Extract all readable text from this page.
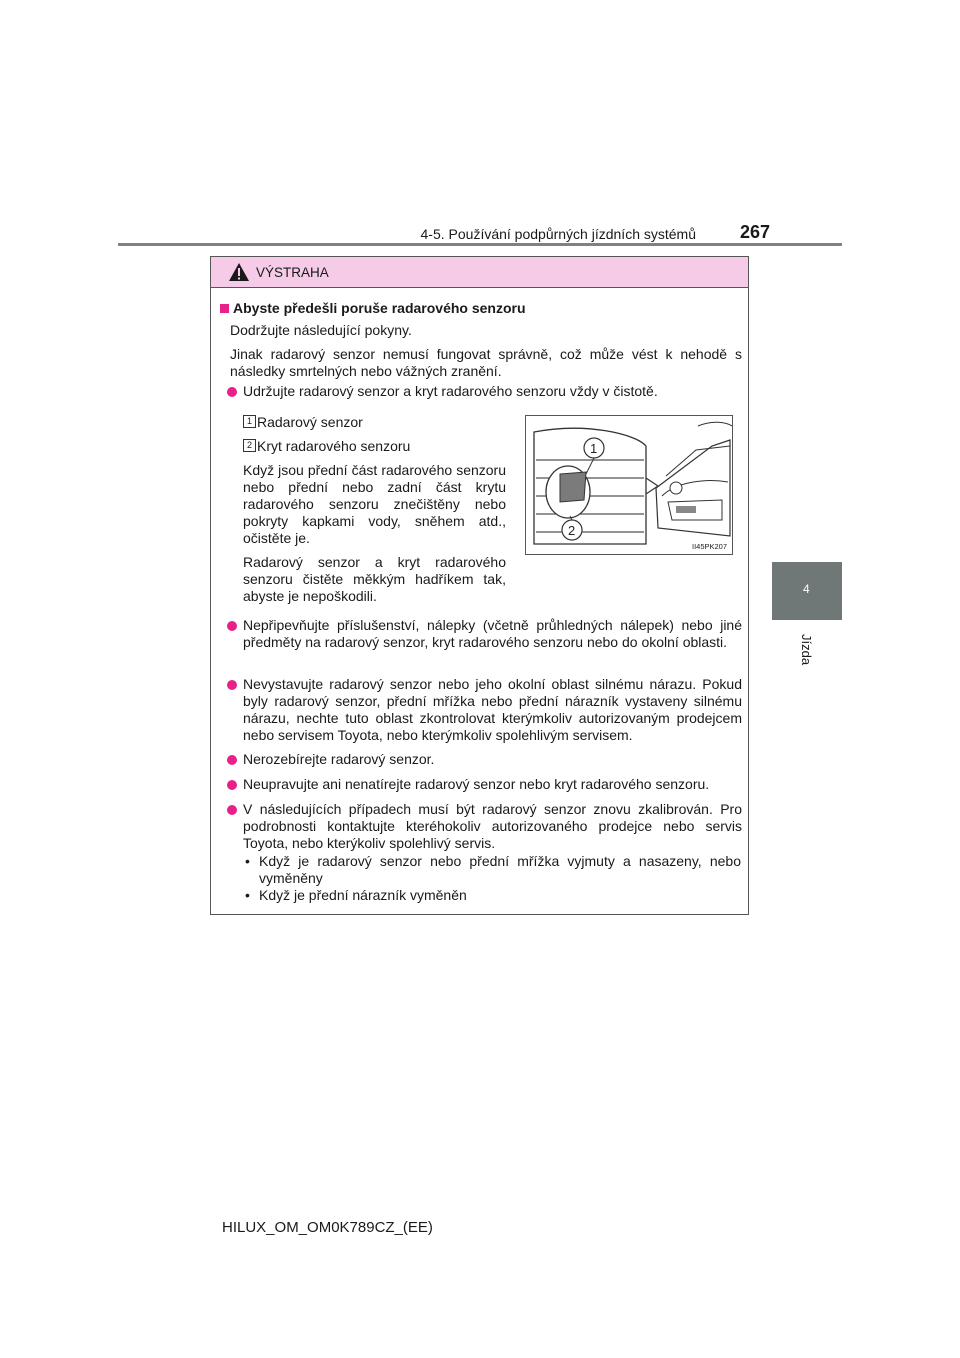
4-5. Používání podpůrných jízdních systémů 267
4
Jízda
VÝSTRAHA
Abyste předešli poruše radarového senzoru
Dodržujte následující pokyny.
Jinak radarový senzor nemusí fungovat správně, což může vést k nehodě s následky smrtelných nebo vážných zranění.
Udržujte radarový senzor a kryt radarového senzoru vždy v čistotě.
1 Radarový senzor
2 Kryt radarového senzoru
Když jsou přední část radarového senzoru nebo přední nebo zadní část krytu radarového senzoru znečištěny nebo pokryty kapkami vody, sněhem atd., očistěte je.
Radarový senzor a kryt radarového senzoru čistěte měkkým hadříkem tak, abyste je nepoškodili.
1
2
II45PK207
Nepřipevňujte příslušenství, nálepky (včetně průhledných nálepek) nebo jiné předměty na radarový senzor, kryt radarového senzoru nebo do okolní oblasti.
Nevystavujte radarový senzor nebo jeho okolní oblast silnému nárazu. Pokud byly radarový senzor, přední mřížka nebo přední nárazník vystaveny silnému nárazu, nechte tuto oblast zkontrolovat kterýmkoliv autorizovaným prodejcem nebo servisem Toyota, nebo kterýmkoliv spolehlivým servisem.
Nerozebírejte radarový senzor.
Neupravujte ani nenatírejte radarový senzor nebo kryt radarového senzoru.
V následujících případech musí být radarový senzor znovu zkalibrován. Pro podrobnosti kontaktujte kteréhokoliv autorizovaného prodejce nebo servis Toyota, nebo kterýkoliv spolehlivý servis.
• Když je radarový senzor nebo přední mřížka vyjmuty a nasazeny, nebo vyměněny
• Když je přední nárazník vyměněn
HILUX_OM_OM0K789CZ_(EE)
